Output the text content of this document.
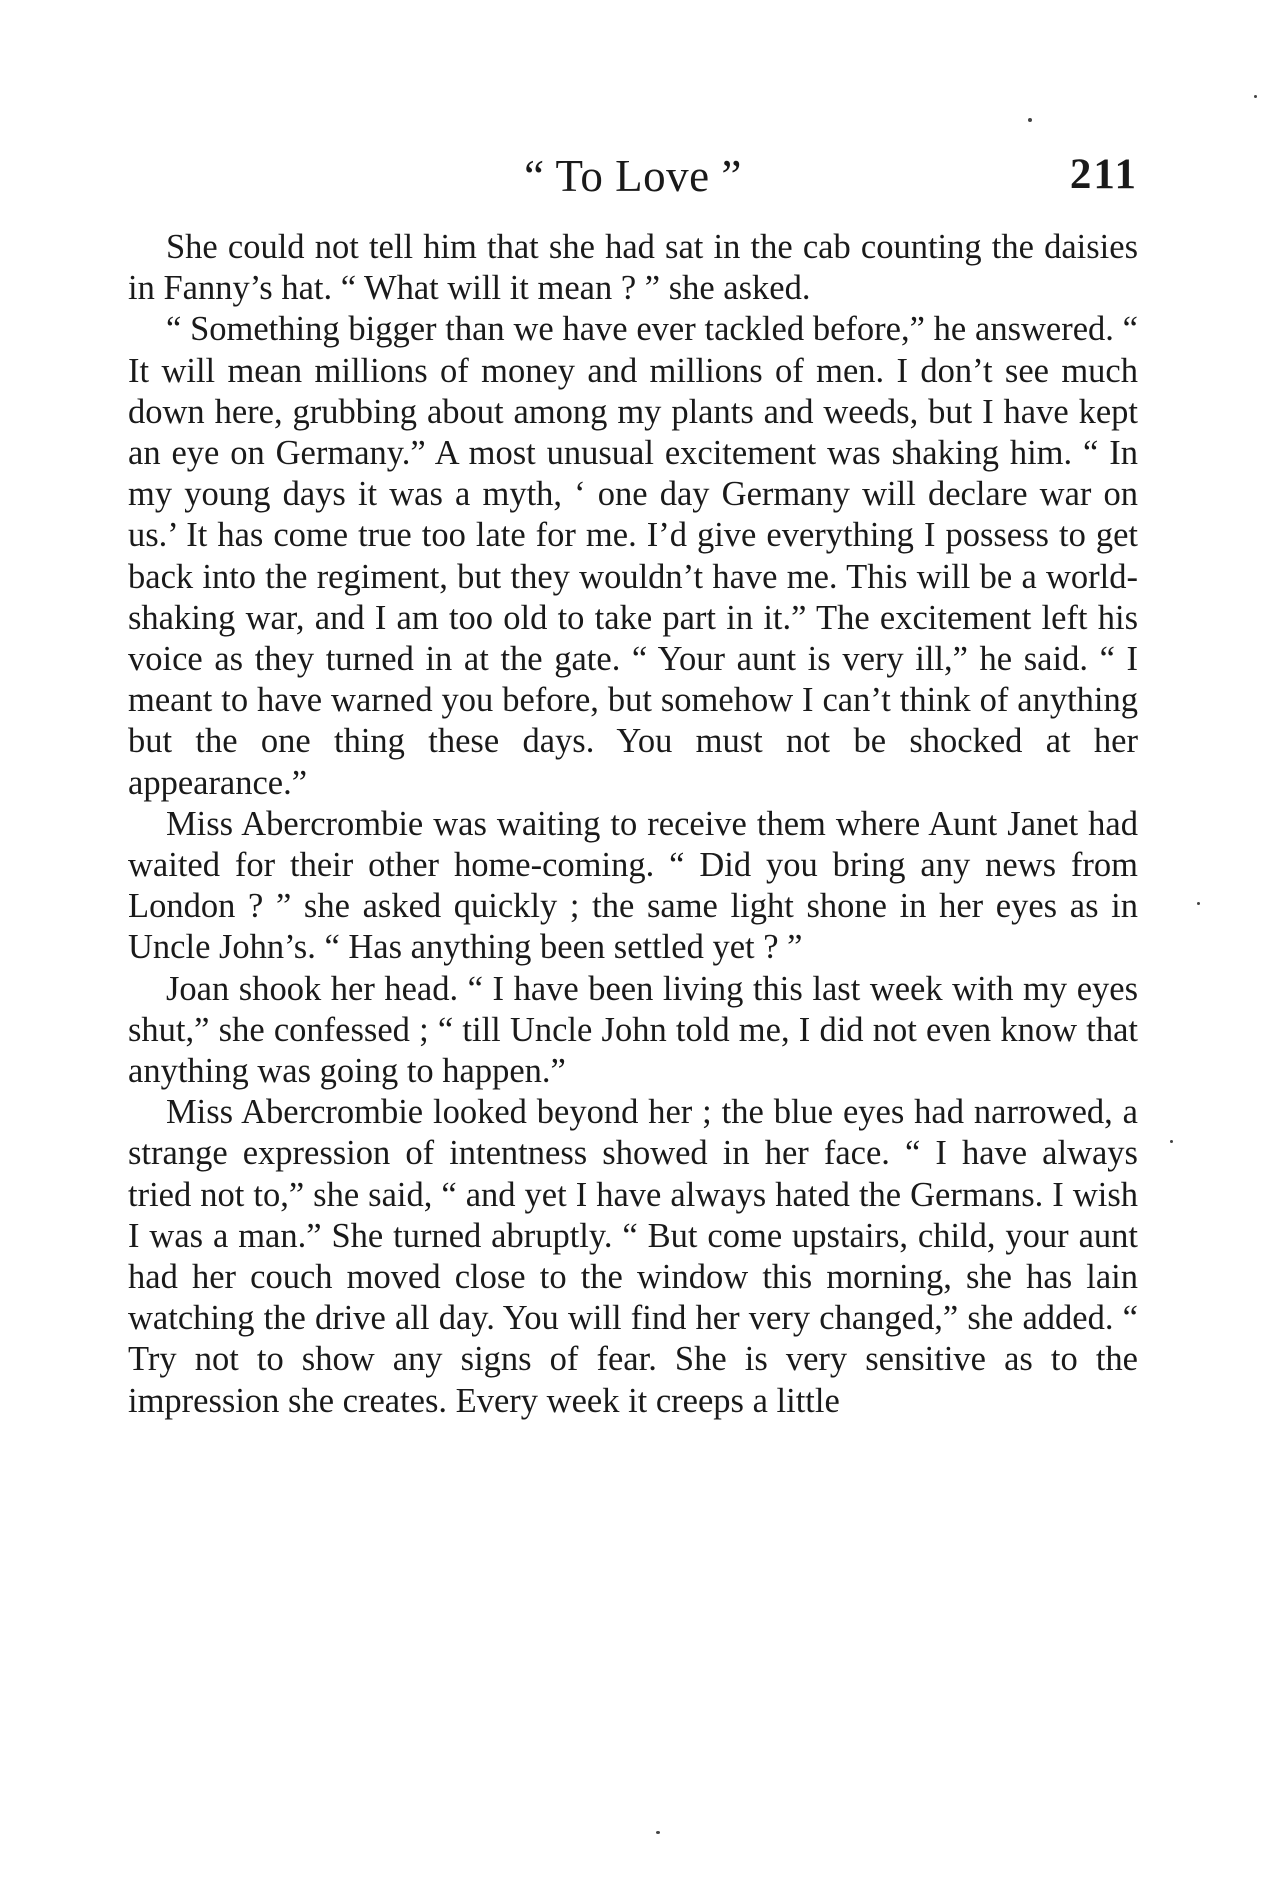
“ To Love ”	211

She could not tell him that she had sat in the cab counting the daisies in Fanny’s hat. “ What will it mean ? ” she asked.

“ Something bigger than we have ever tackled before,” he answered. “ It will mean millions of money and millions of men. I don’t see much down here, grubbing about among my plants and weeds, but I have kept an eye on Germany.” A most unusual excitement was shaking him. “ In my young days it was a myth, ‘ one day Germany will declare war on us.’ It has come true too late for me. I’d give everything I possess to get back into the regiment, but they wouldn’t have me. This will be a world-shaking war, and I am too old to take part in it.” The excitement left his voice as they turned in at the gate. “ Your aunt is very ill,” he said. “ I meant to have warned you before, but somehow I can’t think of anything but the one thing these days. You must not be shocked at her appearance.”

Miss Abercrombie was waiting to receive them where Aunt Janet had waited for their other home-coming. “ Did you bring any news from London ? ” she asked quickly ; the same light shone in her eyes as in Uncle John’s. “ Has anything been settled yet ? ”

Joan shook her head. “ I have been living this last week with my eyes shut,” she confessed ; “ till Uncle John told me, I did not even know that anything was going to happen.”

Miss Abercrombie looked beyond her ; the blue eyes had narrowed, a strange expression of intentness showed in her face. “ I have always tried not to,” she said, “ and yet I have always hated the Germans. I wish I was a man.” She turned abruptly. “ But come upstairs, child, your aunt had her couch moved close to the window this morning, she has lain watching the drive all day. You will find her very changed,” she added. “ Try not to show any signs of fear. She is very sensitive as to the impression she creates. Every week it creeps a little
